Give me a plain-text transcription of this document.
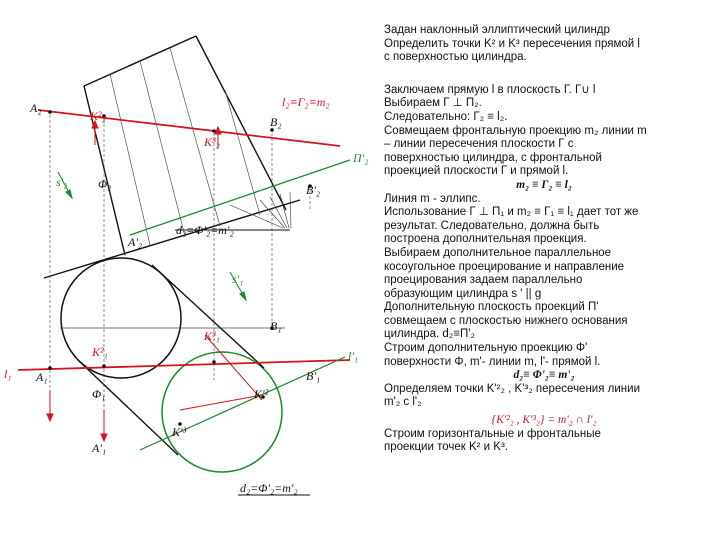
l₂≡Γ₂≡m₂
A₂
K²₂
K³₂
B₂
s'₂	Φ₂
Π'₂
B'₂
A'₂
d₂=Φ'₂=m'₂
s'₁
B₁
K²₁
K³₁
l₁ A₁	B'₁
l'₁
Φ₁	K'²
K'³
A'₁
d₂=Φ'₂=m'₂

Задан наклонный эллиптический цилиндр

Определить точки K² и K³ пересечения прямой l

с поверхностью цилиндра.

Заключаем прямую l в плоскость Г. Г∪ l

Выбираем Г ⊥ Π₂.

Следовательно: Г₂ ≡ l₂.

Совмещаем фронтальную проекцию m₂ линии m

– линии пересечения плоскости Г с

поверхностью цилиндра, с фронтальной

проекцией плоскости Г и прямой l.

m₂ ≡ Г₂ ≡ l₂

Линия m - эллипс.

Использование Г ⊥ Π₁ и m₂ ≡ Г₁ ≡ l₁ дает тот же

результат. Следовательно, должна быть

построена дополнительная проекция.

Выбираем дополнительное параллельное

косоугольное проецирование и направление

проецирования задаем параллельно

образующим цилиндра s ' || g

Дополнительную плоскость проекций Π'

совмещаем с плоскостью нижнего основания

цилиндра. d₂≡Π'₂

Строим дополнительную проекцию Φ'

поверхности Φ, m'- линии m, l'- прямой l.

d₂≡ Φ'₂≡ m'₂

Определяем точки K'²₂ , K'³₂ пересечения линии

m'₂ с l'₂

{K'²₂ , K'³₂} = m'₂ ∩ l'₂

Строим горизонтальные и фронтальные

проекции точек K² и K³.
